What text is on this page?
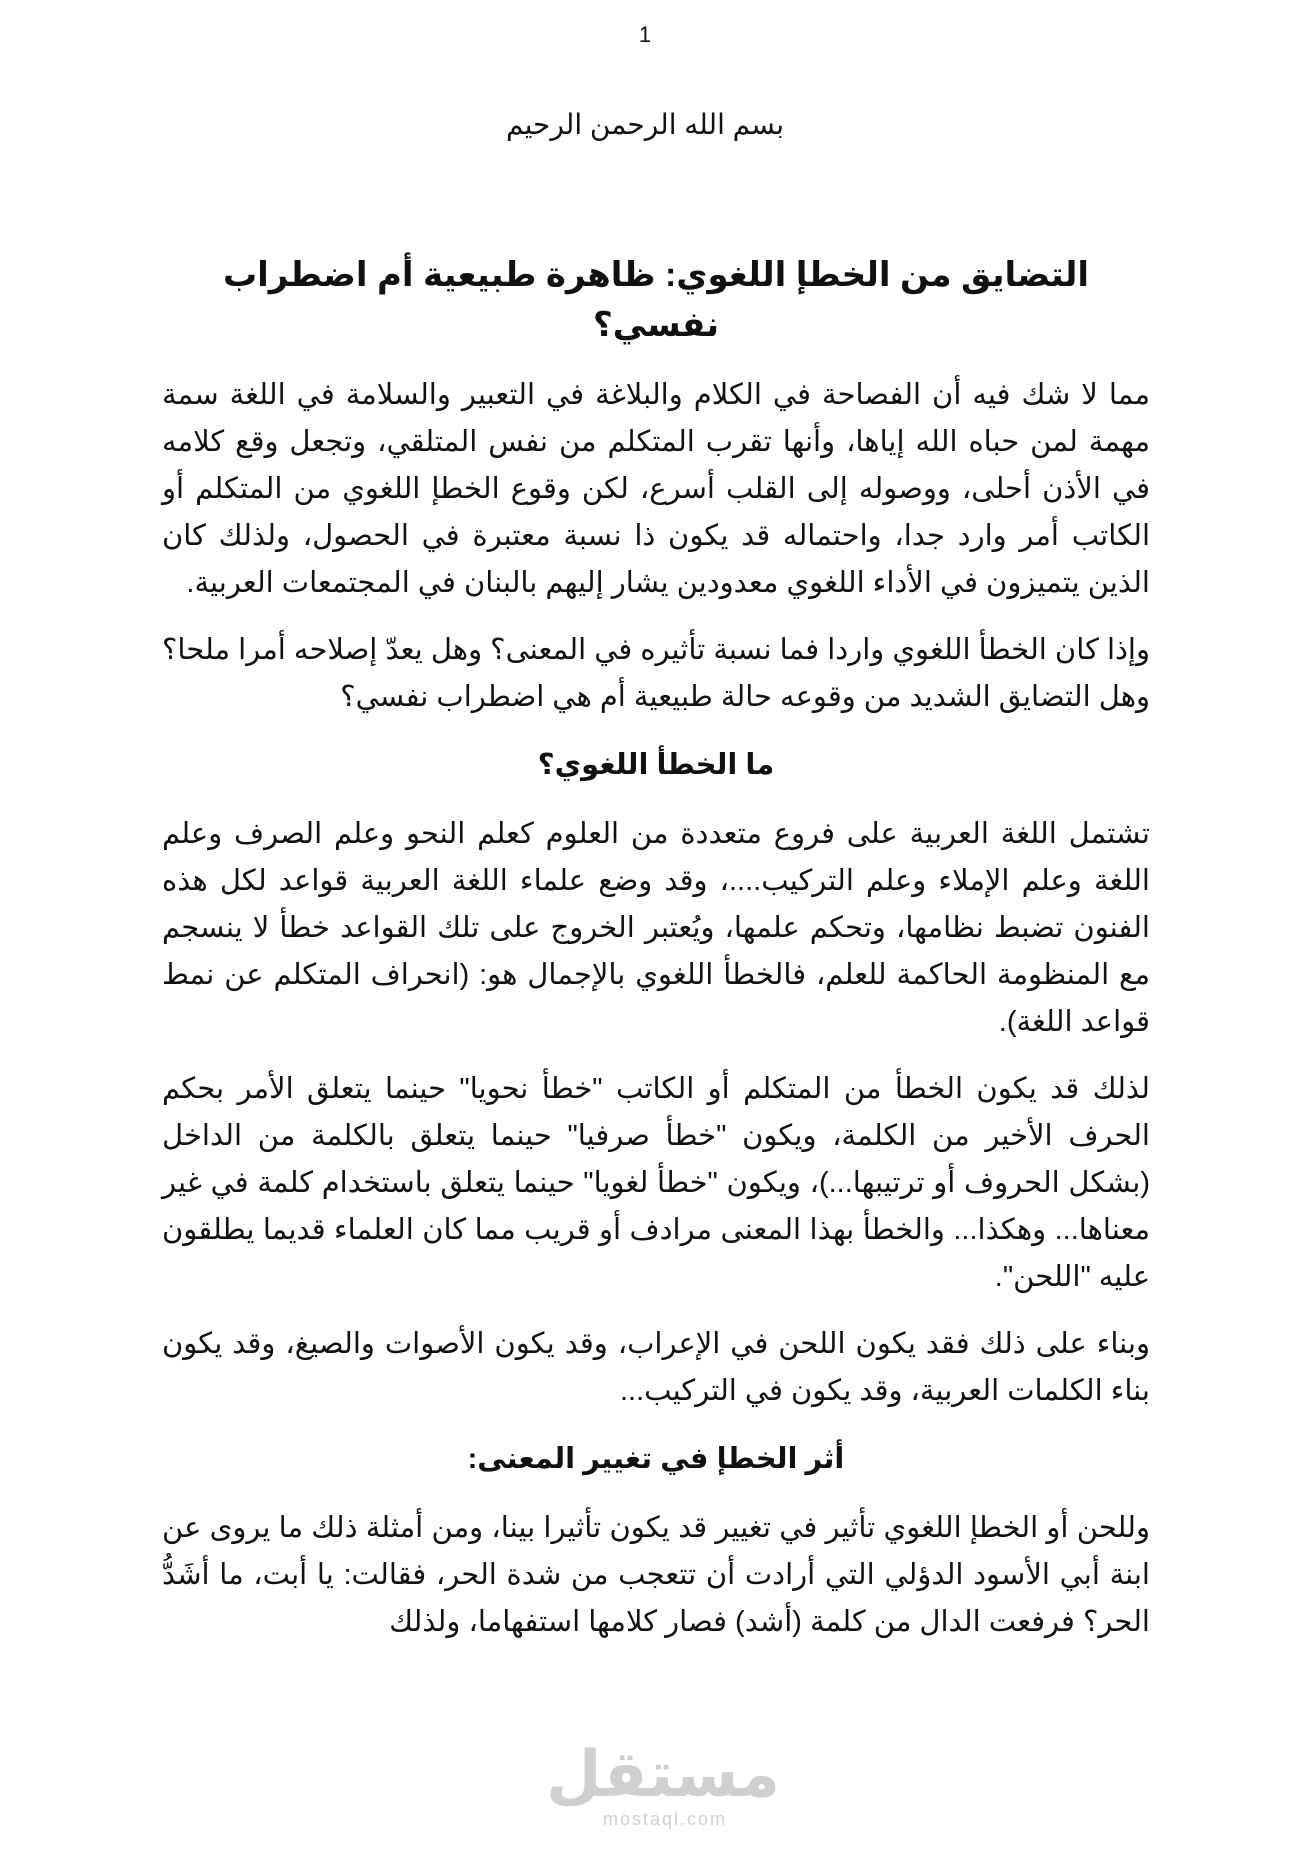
1
بسم الله الرحمن الرحيم
التضايق من الخطإ اللغوي: ظاهرة طبيعية أم اضطراب نفسي؟

مما لا شك فيه أن الفصاحة في الكلام والبلاغة في التعبير والسلامة في اللغة سمة مهمة لمن حباه الله إياها، وأنها تقرب المتكلم من نفس المتلقي، وتجعل وقع كلامه في الأذن أحلى، ووصوله إلى القلب أسرع، لكن وقوع الخطإ اللغوي من المتكلم أو الكاتب أمر وارد جدا، واحتماله قد يكون ذا نسبة معتبرة في الحصول، ولذلك كان الذين يتميزون في الأداء اللغوي معدودين يشار إليهم بالبنان في المجتمعات العربية.

وإذا كان الخطأ اللغوي واردا فما نسبة تأثيره في المعنى؟ وهل يعدّ إصلاحه أمرا ملحا؟ وهل التضايق الشديد من وقوعه حالة طبيعية أم هي اضطراب نفسي؟

ما الخطأ اللغوي؟

تشتمل اللغة العربية على فروع متعددة من العلوم كعلم النحو وعلم الصرف وعلم اللغة وعلم الإملاء وعلم التركيب....، وقد وضع علماء اللغة العربية قواعد لكل هذه الفنون تضبط نظامها، وتحكم علمها، ويُعتبر الخروج على تلك القواعد خطأ لا ينسجم مع المنظومة الحاكمة للعلم، فالخطأ اللغوي بالإجمال هو: (انحراف المتكلم عن نمط قواعد اللغة).

لذلك قد يكون الخطأ من المتكلم أو الكاتب "خطأ نحويا" حينما يتعلق الأمر بحكم الحرف الأخير من الكلمة، ويكون "خطأ صرفيا" حينما يتعلق بالكلمة من الداخل (بشكل الحروف أو ترتيبها...)، ويكون "خطأ لغويا" حينما يتعلق باستخدام كلمة في غير معناها... وهكذا... والخطأ بهذا المعنى مرادف أو قريب مما كان العلماء قديما يطلقون عليه "اللحن".

وبناء على ذلك فقد يكون اللحن في الإعراب، وقد يكون الأصوات والصيغ، وقد يكون بناء الكلمات العربية، وقد يكون في التركيب...

أثر الخطإ في تغيير المعنى:

وللحن أو الخطإ اللغوي تأثير في تغيير قد يكون تأثيرا بينا، ومن أمثلة ذلك ما يروى عن ابنة أبي الأسود الدؤلي التي أرادت أن تتعجب من شدة الحر، فقالت: يا أبت، ما أشَدُّ الحر؟ فرفعت الدال من كلمة (أشد) فصار كلامها استفهاما، ولذلك

مستقل
mostaql.com
